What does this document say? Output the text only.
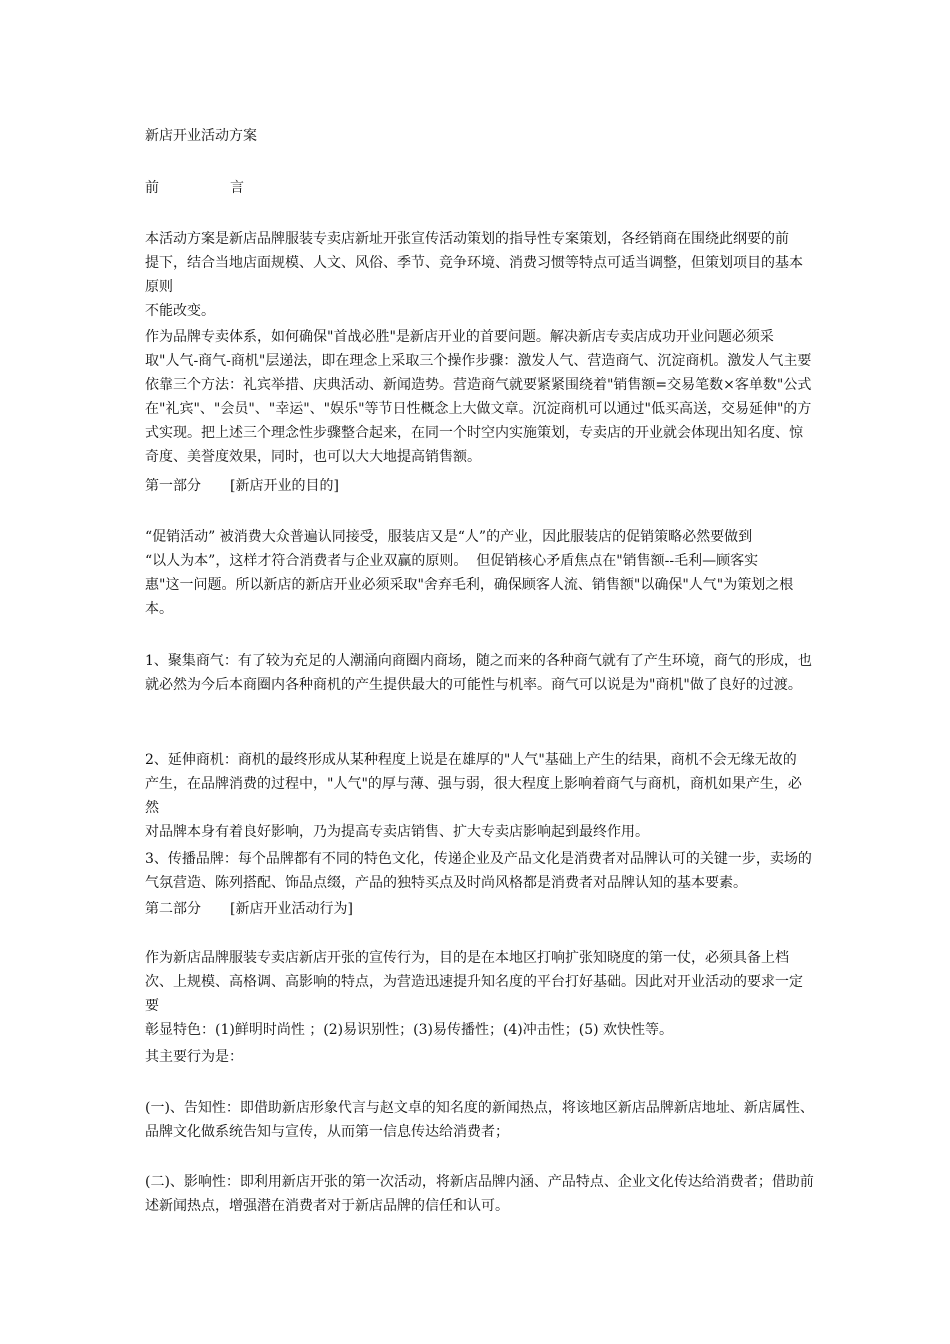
新店开业活动方案

前	言

本活动方案是新店品牌服装专卖店新址开张宣传活动策划的指导性专案策划，各经销商在围绕此纲要的前
提下，结合当地店面规模、人文、风俗、季节、竞争环境、消费习惯等特点可适当调整，但策划项目的基本原则
不能改变。

作为品牌专卖体系，如何确保"首战必胜"是新店开业的首要问题。解决新店专卖店成功开业问题必须采
取"人气-商气-商机"层递法，即在理念上采取三个操作步骤：激发人气、营造商气、沉淀商机。激发人气主要
依靠三个方法：礼宾举措、庆典活动、新闻造势。营造商气就要紧紧围绕着"销售额=交易笔数×客单数"公式
在"礼宾"、"会员"、"幸运"、"娱乐"等节日性概念上大做文章。沉淀商机可以通过"低买高送，交易延伸"的方
式实现。把上述三个理念性步骤整合起来，在同一个时空内实施策划，专卖店的开业就会体现出知名度、惊
奇度、美誉度效果，同时，也可以大大地提高销售额。

第一部分	[新店开业的目的]

“促销活动” 被消费大众普遍认同接受，服装店又是“人”的产业，因此服装店的促销策略必然要做到
“以人为本”，这样才符合消费者与企业双赢的原则。  但促销核心矛盾焦点在"销售额--毛利—顾客实
惠"这一问题。所以新店的新店开业必须采取"舍弃毛利，确保顾客人流、销售额"以确保"人气"为策划之根
本。

1、聚集商气：有了较为充足的人潮涌向商圈内商场，随之而来的各种商气就有了产生环境，商气的形成，也
就必然为今后本商圈内各种商机的产生提供最大的可能性与机率。商气可以说是为"商机"做了良好的过渡。

2、延伸商机：商机的最终形成从某种程度上说是在雄厚的"人气"基础上产生的结果，商机不会无缘无故的
产生，在品牌消费的过程中，"人气"的厚与薄、强与弱，很大程度上影响着商气与商机，商机如果产生，必然
对品牌本身有着良好影响，乃为提高专卖店销售、扩大专卖店影响起到最终作用。

3、传播品牌：每个品牌都有不同的特色文化，传递企业及产品文化是消费者对品牌认可的关键一步，卖场的
气氛营造、陈列搭配、饰品点缀，产品的独特买点及时尚风格都是消费者对品牌认知的基本要素。

第二部分	[新店开业活动行为]

作为新店品牌服装专卖店新店开张的宣传行为，目的是在本地区打响扩张知晓度的第一仗，必须具备上档
次、上规模、高格调、高影响的特点，为营造迅速提升知名度的平台打好基础。因此对开业活动的要求一定要
彰显特色：(1)鲜明时尚性 ；(2)易识别性；(3)易传播性；(4)冲击性；(5) 欢快性等。

其主要行为是：

(一)、告知性：即借助新店形象代言与赵文卓的知名度的新闻热点，将该地区新店品牌新店地址、新店属性、
品牌文化做系统告知与宣传，从而第一信息传达给消费者；

(二)、影响性：即利用新店开张的第一次活动，将新店品牌内涵、产品特点、企业文化传达给消费者；借助前
述新闻热点，增强潜在消费者对于新店品牌的信任和认可。
